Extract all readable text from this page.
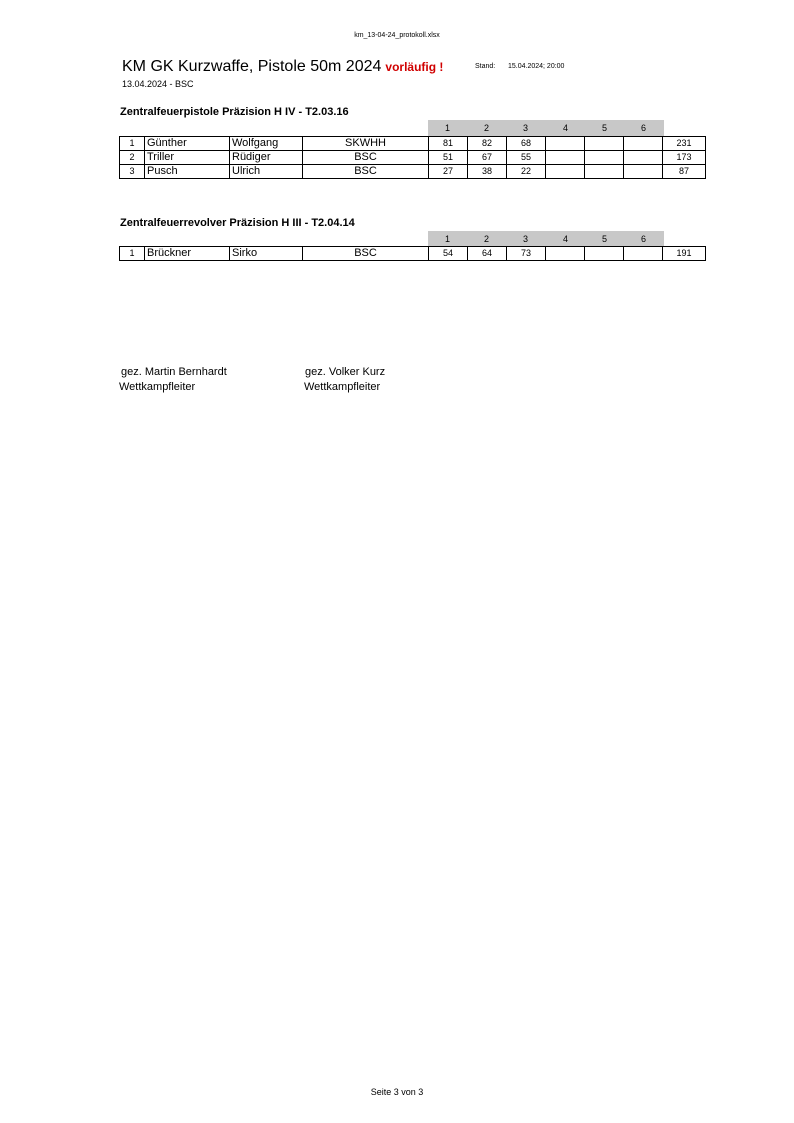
km_13-04-24_protokoll.xlsx
KM GK Kurzwaffe, Pistole 50m 2024 vorläufig !
13.04.2024 - BSC
Stand: 15.04.2024; 20:00
Zentralfeuerpistole Präzision H IV - T2.03.16
1	2	3	4	5	6
1	Günther	Wolfgang	SKWHH	81	82	68				231
2	Triller	Rüdiger	BSC	51	67	55				173
3	Pusch	Ulrich	BSC	27	38	22				87
Zentralfeuerrevolver Präzision H III - T2.04.14
1	2	3	4	5	6
1	Brückner	Sirko	BSC	54	64	73				191
gez. Martin Bernhardt
Wettkampfleiter
gez. Volker Kurz
Wettkampfleiter
Seite 3 von 3
